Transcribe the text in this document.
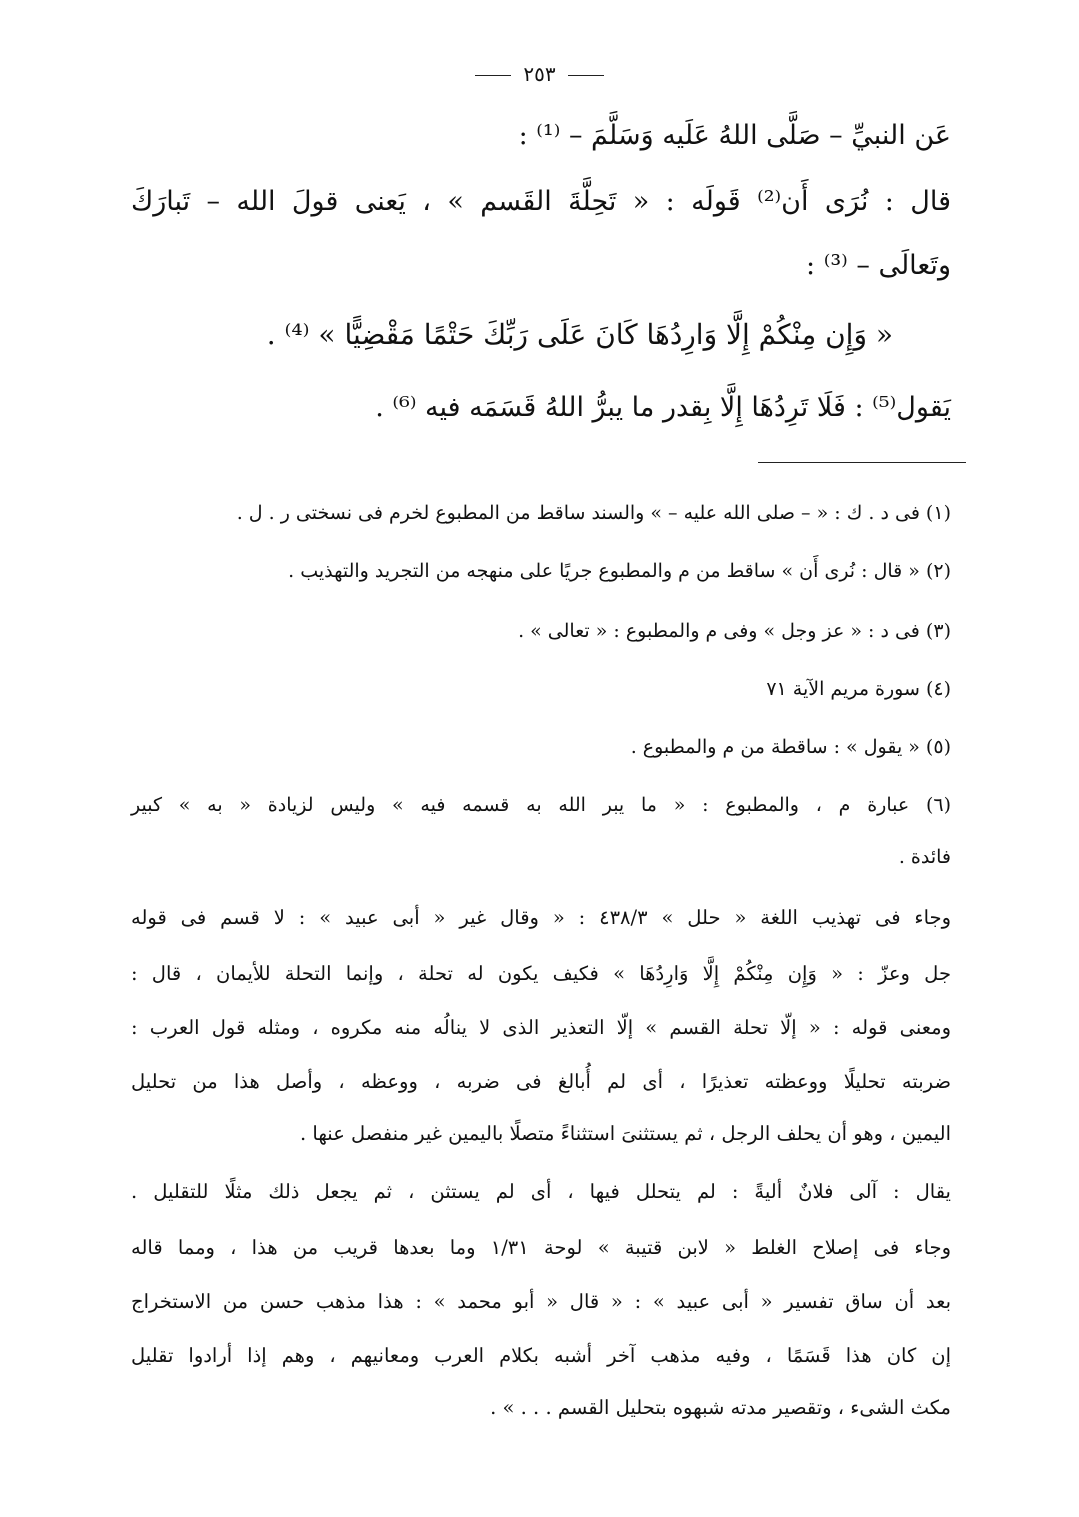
٢٥٣
عَن النبيِّ – صَلَّى اللهُ عَلَيه وَسَلَّمَ – ⁽¹⁾ :
قال : نُرَى أَن⁽²⁾ قَولَه : « تَحِلَّةَ القَسم » ، يَعنى قولَ الله – تَبارَكَ
وتَعالَى – ⁽³⁾ :
« وَإِن مِنْكُمْ إِلَّا وَارِدُهَا كَانَ عَلَى رَبِّكَ حَتْمًا مَقْضِيًّا » ⁽⁴⁾ .
يَقول⁽⁵⁾ : فَلَا تَرِدُهَا إِلَّا بِقدر ما يبرُّ اللهُ قَسَمَه فيه ⁽⁶⁾ .
(١) فى د . ك : « – صلى الله عليه – » والسند ساقط من المطبوع لخرم فى نسختى ر . ل .
(٢) « قال : نُرى أَن » ساقط من م والمطبوع جريًا على منهجه من التجريد والتهذيب .
(٣) فى د : « عز وجل » وفى م والمطبوع : « تعالى » .
(٤) سورة مريم الآية ٧١
(٥) « يقول » : ساقطة من م والمطبوع .
(٦) عبارة م ، والمطبوع : « ما يبر الله به قسمه فيه » وليس لزيادة « به » كبير
فائدة .
وجاء فى تهذيب اللغة « حلل » ٤٣٨/٣ : « وقال غير « أبى عبيد » : لا قسم فى قوله
جل وعزّ : « وَإِن مِنْكُمْ إِلَّا وَارِدُهَا » فكيف يكون له تحلة ، وإنما التحلة للأيمان ، قال :
ومعنى قوله : « إلّا تحلة القسم » إلّا التعذير الذى لا ينالُه منه مكروه ، ومثله قول العرب :
ضربته تحليلًا ووعظته تعذيرًا ، أى لم أُبالغ فى ضربه ، ووعظه ، وأصل هذا من تحليل
اليمين ، وهو أن يحلف الرجل ، ثم يستثنىَ استثناءً متصلًا باليمين غير منفصل عنها .
يقال : آلى فلانٌ أليةً : لم يتحلل فيها ، أى لم يستثن ، ثم يجعل ذلك مثلًا للتقليل .
وجاء فى إصلاح الغلط « لابن قتيبة » لوحة ١/٣١ وما بعدها قريب من هذا ، ومما قاله
بعد أن ساق تفسير « أبى عبيد » : « قال « أبو محمد » : هذا مذهب حسن من الاستخراج
إن كان هذا قَسَمًا ، وفيه مذهب آخر أشبه بكلام العرب ومعانيهم ، وهم إذا أرادوا تقليل
مكث الشىء ، وتقصير مدته شبهوه بتحليل القسم . . . » .
